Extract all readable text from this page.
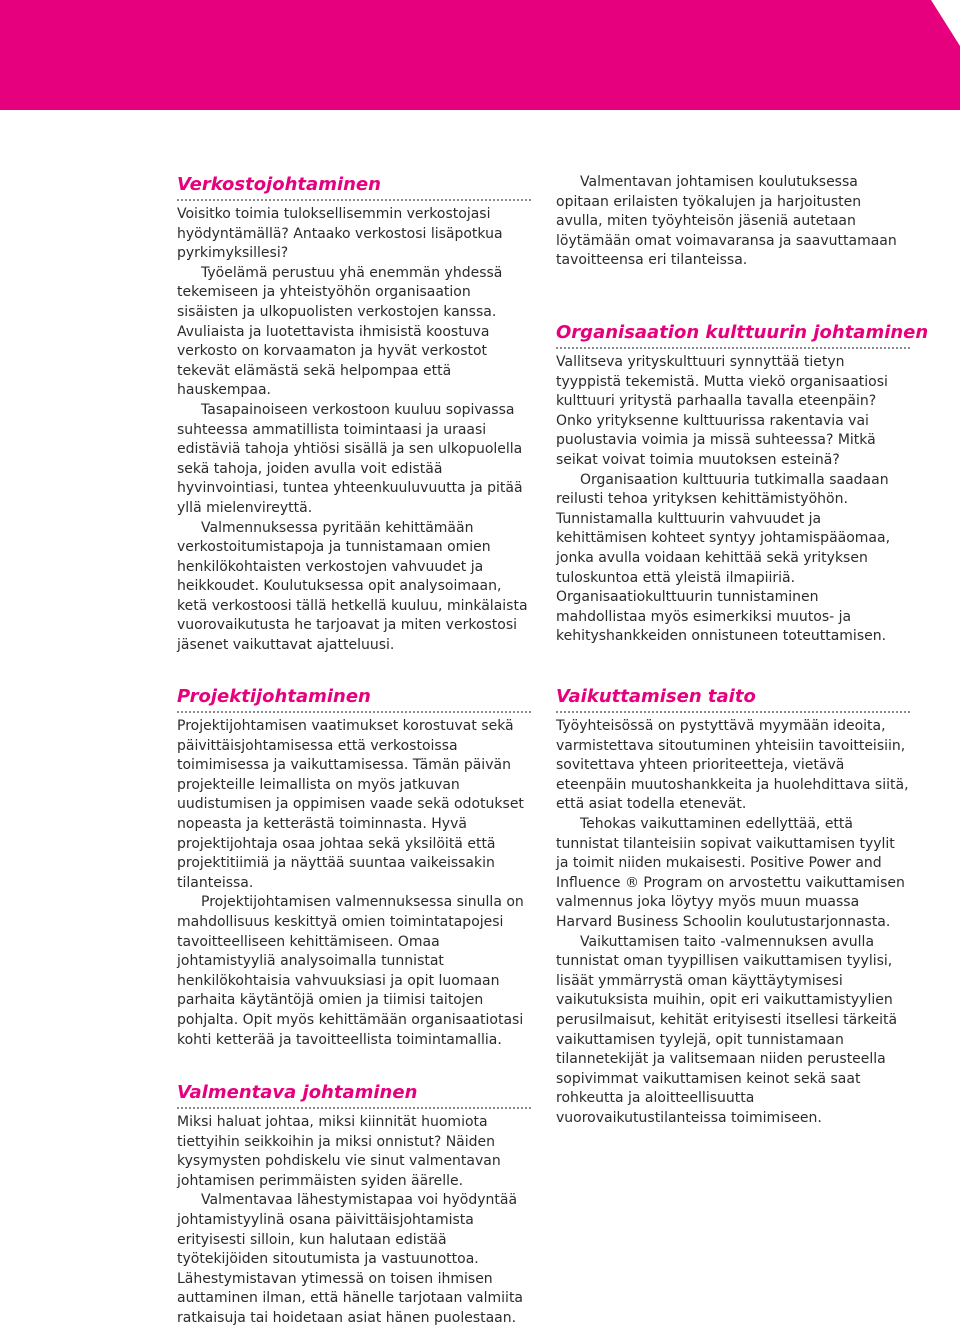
Verkostojohtaminen

Voisitko toimia tuloksellisemmin verkostojasi hyödyntämällä? Antaako verkostosi lisäpotkua pyrkimyksillesi?

Työelämä perustuu yhä enemmän yhdessä tekemiseen ja yhteistyöhön organisaation sisäisten ja ulkopuolisten verkostojen kanssa. Avuliaista ja luotettavista ihmisistä koostuva verkosto on korvaamaton ja hyvät verkostot tekevät elämästä sekä helpompaa että hauskempaa.

Tasapainoiseen verkostoon kuuluu sopivassa suhteessa ammatillista toimintaasi ja uraasi edistäviä tahoja yhtiösi sisällä ja sen ulkopuolella sekä tahoja, joiden avulla voit edistää hyvinvointiasi, tuntea yhteenkuuluvuutta ja pitää yllä mielenvireyttä.

Valmennuksessa pyritään kehittämään verkostoitumistapoja ja tunnistamaan omien henkilökohtaisten verkostojen vahvuudet ja heikkoudet. Koulutuksessa opit analysoimaan, ketä verkostoosi tällä hetkellä kuuluu, minkälaista vuorovaikutusta he tarjoavat ja miten verkostosi jäsenet vaikuttavat ajatteluusi.

Valmentavan johtamisen koulutuksessa opitaan erilaisten työkalujen ja harjoitusten avulla, miten työyhteisön jäseniä autetaan löytämään omat voimavaransa ja saavuttamaan tavoitteensa eri tilanteissa.

Organisaation kulttuurin johtaminen

Vallitseva yrityskulttuuri synnyttää tietyn tyyppistä tekemistä. Mutta viekö organisaatiosi kulttuuri yritystä parhaalla tavalla eteenpäin? Onko yrityksenne kulttuurissa rakentavia vai puolustavia voimia ja missä suhteessa? Mitkä seikat voivat toimia muutoksen esteinä?

Organisaation kulttuuria tutkimalla saadaan reilusti tehoa yrityksen kehittämistyöhön. Tunnistamalla kulttuurin vahvuudet ja kehittämisen kohteet syntyy johtamispääomaa, jonka avulla voidaan kehittää sekä yrityksen tuloskuntoa että yleistä ilmapiiriä. Organisaatiokulttuurin tunnistaminen mahdollistaa myös esimerkiksi muutos- ja kehityshankkeiden onnistuneen toteuttamisen.

Projektijohtaminen

Projektijohtamisen vaatimukset korostuvat sekä päivittäisjohtamisessa että verkostoissa toimimisessa ja vaikuttamisessa. Tämän päivän projekteille leimallista on myös jatkuvan uudistumisen ja oppimisen vaade sekä odotukset nopeasta ja ketterästä toiminnasta. Hyvä projektijohtaja osaa johtaa sekä yksilöitä että projektitiimiä ja näyttää suuntaa vaikeissakin tilanteissa.

Projektijohtamisen valmennuksessa sinulla on mahdollisuus keskittyä omien toimintatapojesi tavoitteelliseen kehittämiseen. Omaa johtamistyyliä analysoimalla tunnistat henkilökohtaisia vahvuuksiasi ja opit luomaan parhaita käytäntöjä omien ja tiimisi taitojen pohjalta. Opit myös kehittämään organisaatiotasi kohti ketterää ja tavoitteellista toimintamallia.

Vaikuttamisen taito

Työyhteisössä on pystyttävä myymään ideoita, varmistettava sitoutuminen yhteisiin tavoitteisiin, sovitettava yhteen prioriteetteja, vietävä eteenpäin muutoshankkeita ja huolehdittava siitä, että asiat todella etenevät.

Tehokas vaikuttaminen edellyttää, että tunnistat tilanteisiin sopivat vaikuttamisen tyylit ja toimit niiden mukaisesti. Positive Power and Influence ® Program on arvostettu vaikuttamisen valmennus joka löytyy myös muun muassa Harvard Business Schoolin koulutustarjonnasta.

Vaikuttamisen taito -valmennuksen avulla tunnistat oman tyypillisen vaikuttamisen tyylisi, lisäät ymmärrystä oman käyttäytymisesi vaikutuksista muihin, opit eri vaikuttamistyylien perusilmaisut, kehität erityisesti itsellesi tärkeitä vaikuttamisen tyylejä, opit tunnistamaan tilannetekijät ja valitsemaan niiden perusteella sopivimmat vaikuttamisen keinot sekä saat rohkeutta ja aloitteellisuutta vuorovaikutustilanteissa toimimiseen.

Valmentava johtaminen

Miksi haluat johtaa, miksi kiinnität huomiota tiettyihin seikkoihin ja miksi onnistut? Näiden kysymysten pohdiskelu vie sinut valmentavan johtamisen perimmäisten syiden äärelle.

Valmentavaa lähestymistapaa voi hyödyntää johtamistyylinä osana päivittäisjohtamista erityisesti silloin, kun halutaan edistää työtekijöiden sitoutumista ja vastuunottoa. Lähestymistavan ytimessä on toisen ihmisen auttaminen ilman, että hänelle tarjotaan valmiita ratkaisuja tai hoidetaan asiat hänen puolestaan.
